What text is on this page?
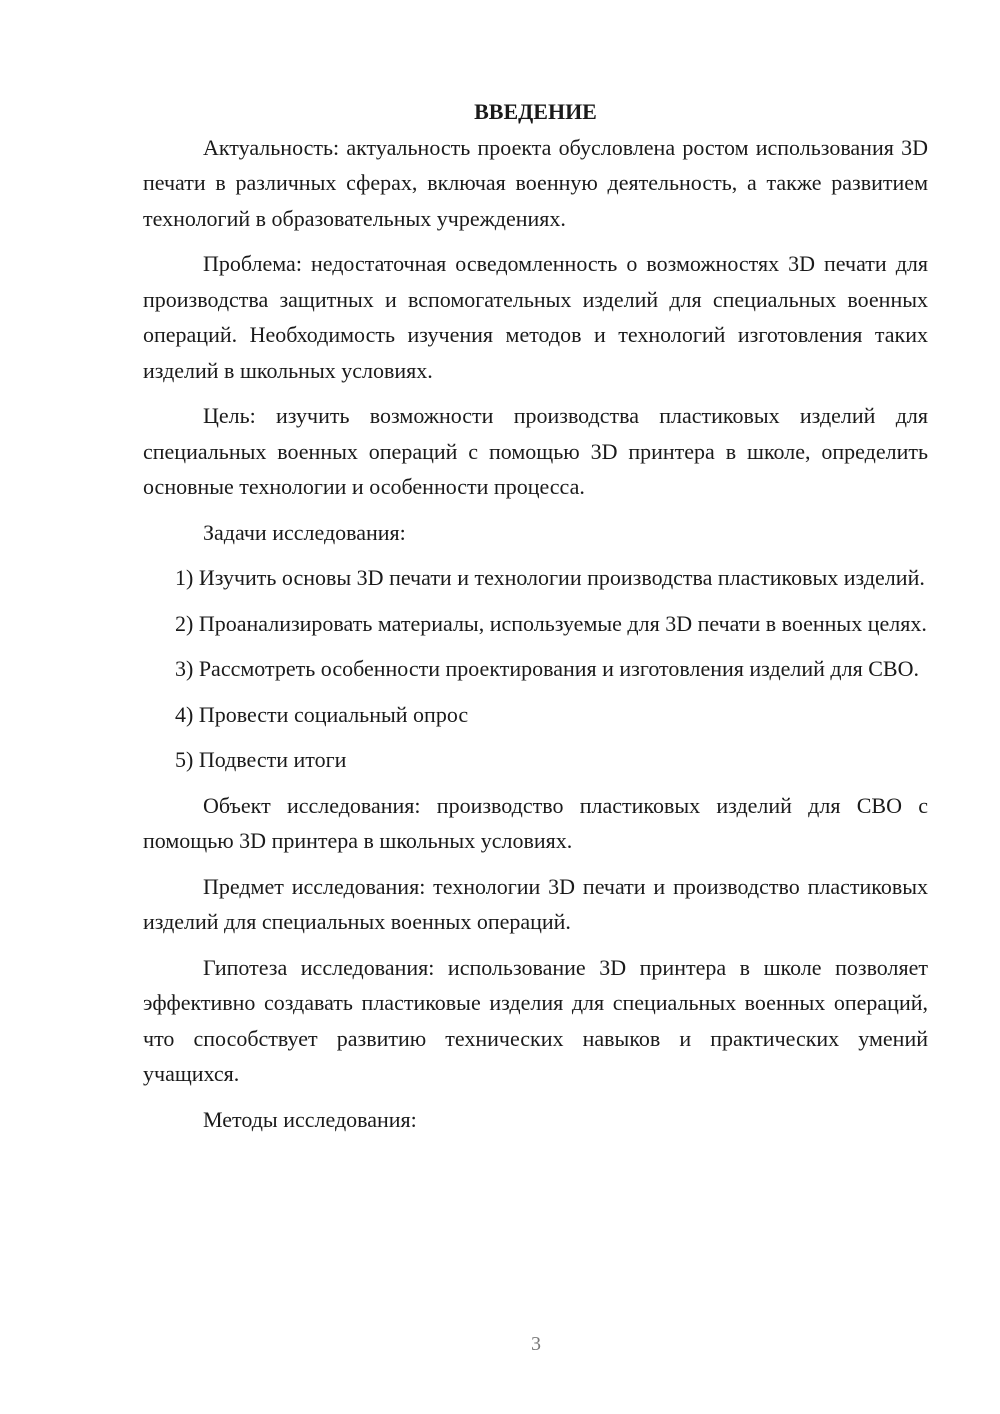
ВВЕДЕНИЕ

Актуальность: актуальность проекта обусловлена ростом использования 3D печати в различных сферах, включая военную деятельность, а также развитием технологий в образовательных учреждениях.

Проблема: недостаточная осведомленность о возможностях 3D печати для производства защитных и вспомогательных изделий для специальных военных операций. Необходимость изучения методов и технологий изготовления таких изделий в школьных условиях.

Цель: изучить возможности производства пластиковых изделий для специальных военных операций с помощью 3D принтера в школе, определить основные технологии и особенности процесса.

Задачи исследования:

1) Изучить основы 3D печати и технологии производства пластиковых изделий.

2) Проанализировать материалы, используемые для 3D печати в военных целях.

3) Рассмотреть особенности проектирования и изготовления изделий для СВО.

4) Провести социальный опрос

5) Подвести итоги

Объект исследования: производство пластиковых изделий для СВО с помощью 3D принтера в школьных условиях.

Предмет исследования: технологии 3D печати и производство пластиковых изделий для специальных военных операций.

Гипотеза исследования: использование 3D принтера в школе позволяет эффективно создавать пластиковые изделия для специальных военных операций, что способствует развитию технических навыков и практических умений учащихся.

Методы исследования:

3
